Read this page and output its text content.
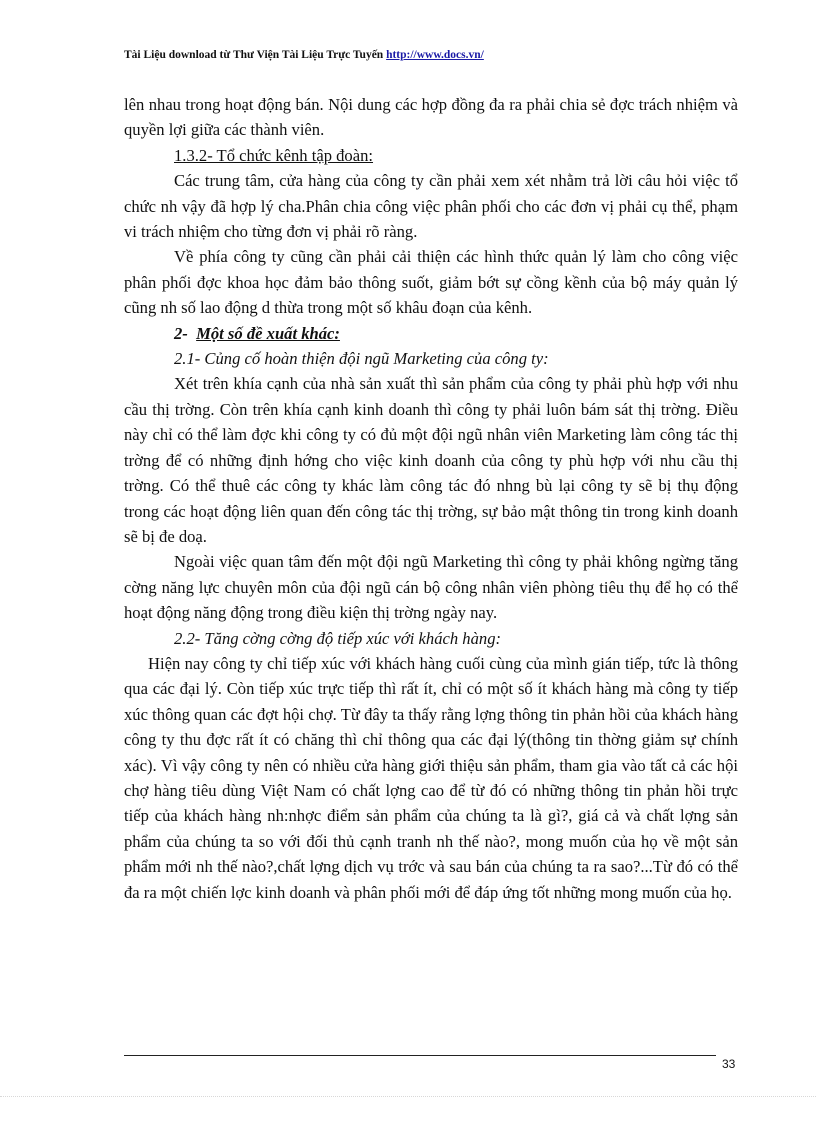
Tài Liệu download từ Thư Viện Tài Liệu Trực Tuyến http://www.docs.vn/

lên nhau trong hoạt động bán. Nội dung các hợp đồng đa ra phải chia sẻ đợc trách nhiệm và quyền lợi giữa các thành viên.

1.3.2- Tổ chức kênh tập đoàn:

Các trung tâm, cửa hàng của công ty cần phải xem xét nhằm trả lời câu hỏi việc tổ chức nh vậy đã hợp lý cha.Phân chia công việc phân phối cho các đơn vị phải cụ thể, phạm vi trách nhiệm cho từng đơn vị phải rõ ràng.

Về phía công ty cũng cần phải cải thiện các hình thức quản lý làm cho công việc phân phối đợc khoa học đảm bảo thông suốt, giảm bớt sự cồng kềnh của bộ máy quản lý cũng nh số lao động d thừa trong một số khâu đoạn của kênh.

2- Một số đề xuất khác:

2.1- Củng cố hoàn thiện đội ngũ Marketing của công ty:

Xét trên khía cạnh của nhà sản xuất thì sản phẩm của công ty phải phù hợp với nhu cầu thị trờng. Còn trên khía cạnh kinh doanh thì công ty phải luôn bám sát thị trờng. Điều này chỉ có thể làm đợc khi công ty có đủ một đội ngũ nhân viên Marketing làm công tác thị trờng để có những định hớng cho việc kinh doanh của công ty phù hợp với nhu cầu thị trờng. Có thể thuê các công ty khác làm công tác đó nhng bù lại công ty sẽ bị thụ động trong các hoạt động liên quan đến công tác thị trờng, sự bảo mật thông tin trong kinh doanh sẽ bị đe doạ.

Ngoài việc quan tâm đến một đội ngũ Marketing thì công ty phải không ngừng tăng cờng năng lực chuyên môn của đội ngũ cán bộ công nhân viên phòng tiêu thụ để họ có thể hoạt động năng động trong điều kiện thị trờng ngày nay.

2.2- Tăng cờng cờng độ tiếp xúc với khách hàng:

Hiện nay công ty chỉ tiếp xúc với khách hàng cuối cùng của mình gián tiếp, tức là thông qua các đại lý. Còn tiếp xúc trực tiếp thì rất ít, chỉ có một số ít khách hàng mà công ty tiếp xúc thông quan các đợt hội chợ. Từ đây ta thấy rằng lợng thông tin phản hồi của khách hàng công ty thu đợc rất ít có chăng thì chỉ thông qua các đại lý(thông tin thờng giảm sự chính xác). Vì vậy công ty nên có nhiều cửa hàng giới thiệu sản phẩm, tham gia vào tất cả các hội chợ hàng tiêu dùng Việt Nam có chất lợng cao để từ đó có những thông tin phản hồi trực tiếp của khách hàng nh:nhợc điểm sản phẩm của chúng ta là gì?, giá cả và chất lợng sản phẩm của chúng ta so với đối thủ cạnh tranh nh thế nào?, mong muốn của họ về một sản phẩm mới nh thế nào?,chất lợng dịch vụ trớc và sau bán của chúng ta ra sao?...Từ đó có thể đa ra một chiến lợc kinh doanh và phân phối mới để đáp ứng tốt những mong muốn của họ.

33
